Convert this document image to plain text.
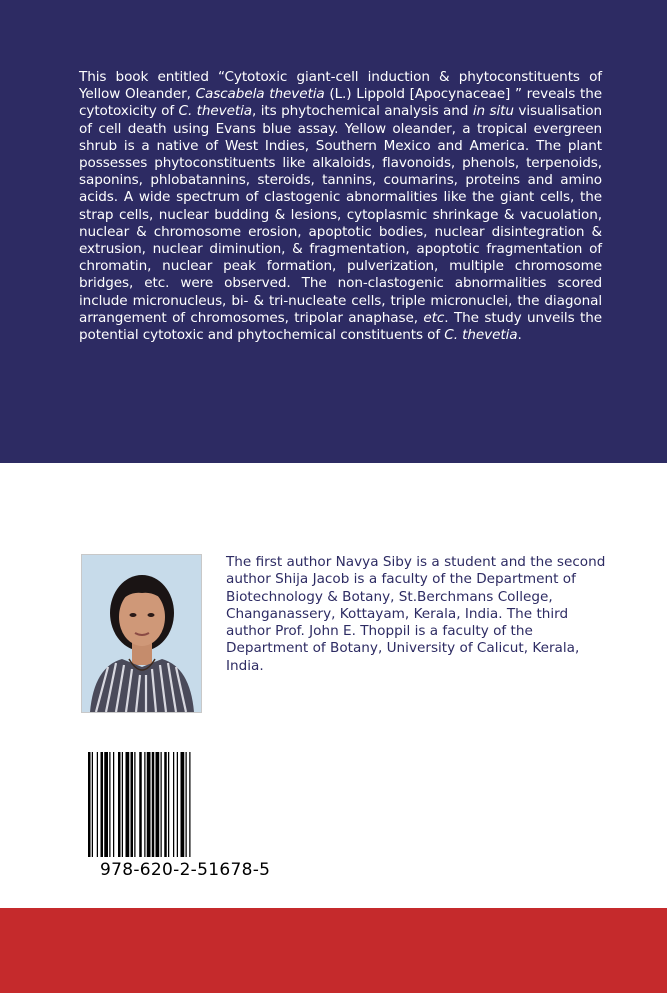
This book entitled “Cytotoxic giant-cell induction & phytoconstituents of Yellow Oleander, Cascabela thevetia (L.) Lippold [Apocynaceae] ” reveals the cytotoxicity of C. thevetia, its phytochemical analysis and in situ visualisation of cell death using Evans blue assay. Yellow oleander, a tropical evergreen shrub is a native of West Indies, Southern Mexico and America. The plant possesses phytoconstituents like alkaloids, flavonoids, phenols, terpenoids, saponins, phlobatannins, steroids, tannins, coumarins, proteins and amino acids. A wide spectrum of clastogenic abnormalities like the giant cells, the strap cells, nuclear budding & lesions, cytoplasmic shrinkage & vacuolation, nuclear & chromosome erosion, apoptotic bodies, nuclear disintegration & extrusion, nuclear diminution, & fragmentation, apoptotic fragmentation of chromatin, nuclear peak formation, pulverization, multiple chromosome bridges, etc. were observed. The non-clastogenic abnormalities scored include micronucleus, bi- & tri-nucleate cells, triple micronuclei, the diagonal arrangement of chromosomes, tripolar anaphase, etc. The study unveils the potential cytotoxic and phytochemical constituents of C. thevetia.

The first author Navya Siby is a student and the second author Shija Jacob is a faculty of the Department of Biotechnology & Botany, St.Berchmans College, Changanassery, Kottayam, Kerala, India. The third author Prof. John E. Thoppil is a faculty of the Department of Botany, University of Calicut, Kerala, India.

978-620-2-51678-5
